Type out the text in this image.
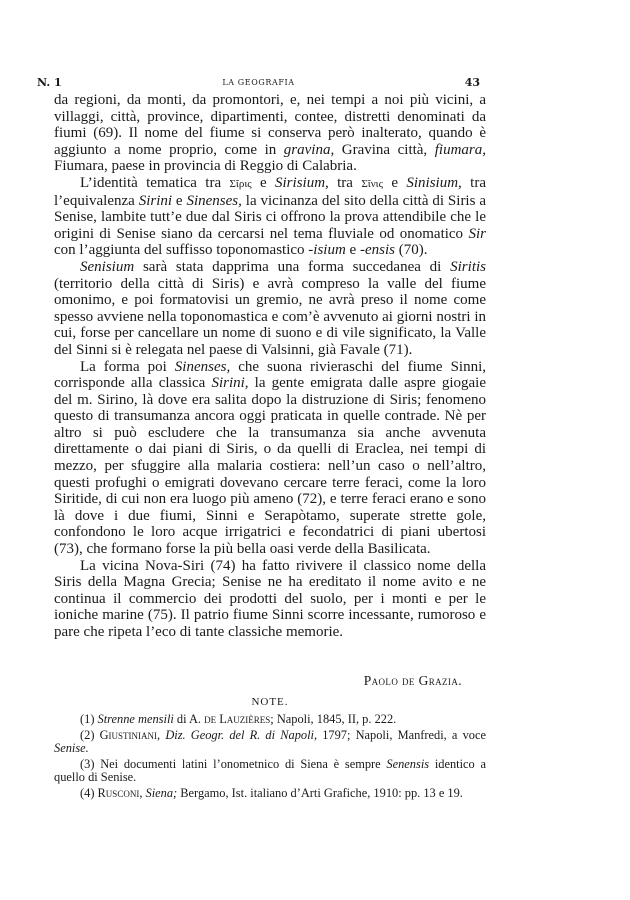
N. 1	LA GEOGRAFIA	43

da regioni, da monti, da promontori, e, nei tempi a noi più vicini, a villaggi, città, province, dipartimenti, contee, distretti denominati da fiumi (69). Il nome del fiume si conserva però inalterato, quando è aggiunto a nome proprio, come in gravina, Gravina città, fiumara, Fiumara, paese in provincia di Reggio di Calabria.

L’identità tematica tra Σῖρις e Sirisium, tra Σῖνις e Sinisium, tra l’equivalenza Sirini e Sinenses, la vicinanza del sito della città di Siris a Senise, lambite tutt’e due dal Siris ci offrono la prova attendibile che le origini di Senise siano da cercarsi nel tema fluviale od onomatico Sir con l’aggiunta del suffisso toponomastico -isium e -ensis (70).

Senisium sarà stata dapprima una forma succedanea di Siritis (territorio della città di Siris) e avrà compreso la valle del fiume omonimo, e poi formatovisi un gremio, ne avrà preso il nome come spesso avviene nella toponomastica e com’è avvenuto ai giorni nostri in cui, forse per cancellare un nome di suono e di vile significato, la Valle del Sinni si è relegata nel paese di Valsinni, già Favale (71).

La forma poi Sinenses, che suona rivieraschi del fiume Sinni, corrisponde alla classica Sirini, la gente emigrata dalle aspre giogaie del m. Sirino, là dove era salita dopo la distruzione di Siris; fenomeno questo di transumanza ancora oggi praticata in quelle contrade. Nè per altro si può escludere che la transumanza sia anche avvenuta direttamente o dai piani di Siris, o da quelli di Eraclea, nei tempi di mezzo, per sfuggire alla malaria costiera: nell’un caso o nell’altro, questi profughi o emigrati dovevano cercare terre feraci, come la loro Siritide, di cui non era luogo più ameno (72), e terre feraci erano e sono là dove i due fiumi, Sinni e Serapòtamo, superate strette gole, confondono le loro acque irrigatrici e fecondatrici di piani ubertosi (73), che formano forse la più bella oasi verde della Basilicata.

La vicina Nova-Siri (74) ha fatto rivivere il classico nome della Siris della Magna Grecia; Senise ne ha ereditato il nome avito e ne continua il commercio dei prodotti del suolo, per i monti e per le ioniche marine (75). Il patrio fiume Sinni scorre incessante, rumoroso e pare che ripeta l’eco di tante classiche memorie.

Paolo de Grazia.
NOTE.

(1) Strenne mensili di A. de Lauzières; Napoli, 1845, II, p. 222.

(2) Giustiniani, Diz. Geogr. del R. di Napoli, 1797; Napoli, Manfredi, a voce Senise.

(3) Nei documenti latini l’onometnico di Siena è sempre Senensis identico a quello di Senise.

(4) Rusconi, Siena; Bergamo, Ist. italiano d’Arti Grafiche, 1910: pp. 13 e 19.
